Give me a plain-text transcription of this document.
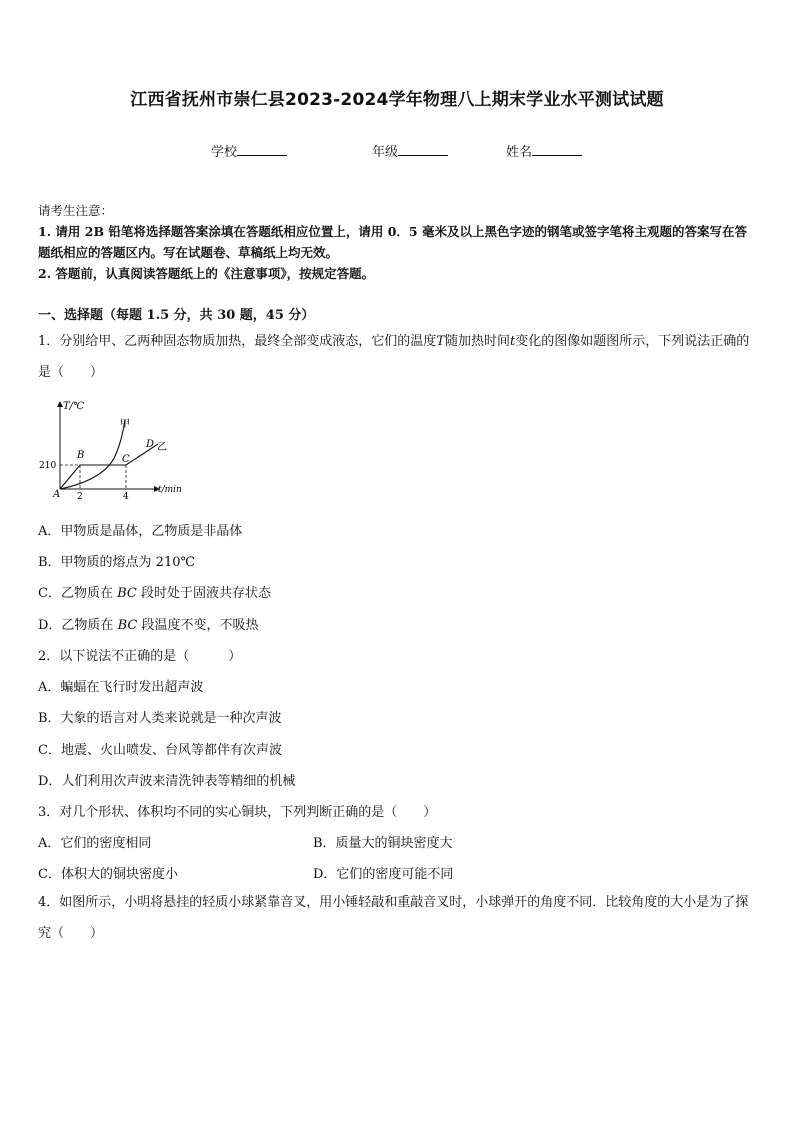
江西省抚州市崇仁县2023-2024学年物理八上期末学业水平测试试题
学校	年级	姓名
请考生注意：
1. 请用 2B 铅笔将选择题答案涂填在答题纸相应位置上，请用 0．5 毫米及以上黑色字迹的钢笔或签字笔将主观题的答案写在答题纸相应的答题区内。写在试题卷、草稿纸上均无效。
2. 答题前，认真阅读答题纸上的《注意事项》，按规定答题。
一、选择题（每题 1.5 分，共 30 题，45 分）
1．分别给甲、乙两种固态物质加热，最终全部变成液态，它们的温度T随加热时间t变化的图像如题图所示，下列说法正确的是（　　）
T/℃
t/min
210
2	4
A
B	C
D
甲
乙
A．甲物质是晶体，乙物质是非晶体
B．甲物质的熔点为 210℃
C．乙物质在 BC 段时处于固液共存状态
D．乙物质在 BC 段温度不变，不吸热
2．以下说法不正确的是（　　　）
A．蝙蝠在飞行时发出超声波
B．大象的语言对人类来说就是一种次声波
C．地震、火山喷发、台风等都伴有次声波
D．人们利用次声波来清洗钟表等精细的机械
3．对几个形状、体积均不同的实心铜块，下列判断正确的是（　　）
A．它们的密度相同	B．质量大的铜块密度大
C．体积大的铜块密度小	D．它们的密度可能不同
4．如图所示，小明将悬挂的轻质小球紧靠音叉，用小锤轻敲和重敲音叉时，小球弹开的角度不同．比较角度的大小是为了探究（　　）
